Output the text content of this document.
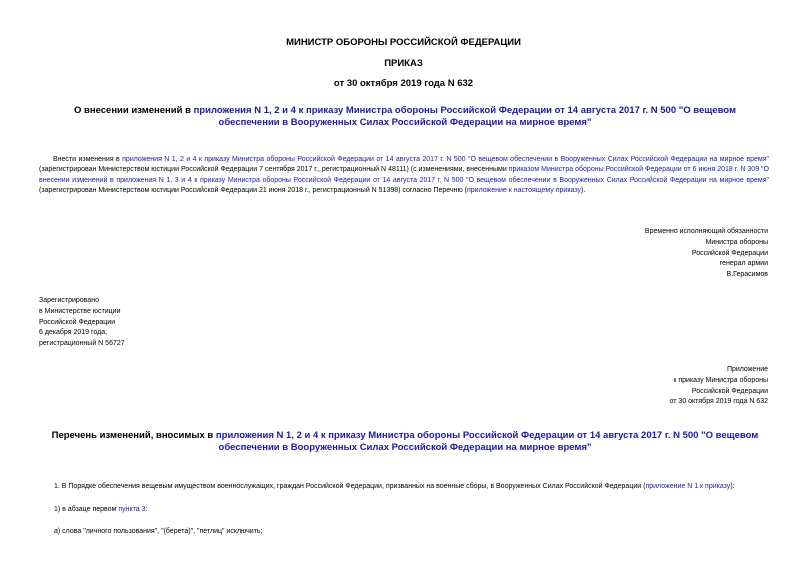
МИНИСТР ОБОРОНЫ РОССИЙСКОЙ ФЕДЕРАЦИИ
ПРИКАЗ
от 30 октября 2019 года N 632
О внесении изменений в приложения N 1, 2 и 4 к приказу Министра обороны Российской Федерации от 14 августа 2017 г. N 500 "О вещевом обеспечении в Вооруженных Силах Российской Федерации на мирное время"
Внести изменения в приложения N 1, 2 и 4 к приказу Министра обороны Российской Федерации от 14 августа 2017 г. N 500 "О вещевом обеспечении в Вооруженных Силах Российской Федерации на мирное время" (зарегистрирован Министерством юстиции Российской Федерации 7 сентября 2017 г., регистрационный N 48111) (с изменениями, внесенными приказом Министра обороны Российской Федерации от 6 июня 2018 г. N 309 "О внесении изменений в приложения N 1, 3 и 4 к приказу Министра обороны Российской Федерации от 14 августа 2017 г. N 500 "О вещевом обеспечении в Вооруженных Силах Российской Федерации на мирное время" (зарегистрирован Министерством юстиции Российской Федерации 21 июня 2018 г., регистрационный N 51398) согласно Перечню (приложение к настоящему приказу).
Временно исполняющий обязанности
Министра обороны
Российской Федерации
генерал армии
В.Герасимов
Зарегистрировано
в Министерстве юстиции
Российской Федерации
6 декабря 2019 года,
регистрационный N 56727
Приложение
к приказу Министра обороны
Российской Федерации
от 30 октября 2019 года N 632
Перечень изменений, вносимых в приложения N 1, 2 и 4 к приказу Министра обороны Российской Федерации от 14 августа 2017 г. N 500 "О вещевом обеспечении в Вооруженных Силах Российской Федерации на мирное время"
1. В Порядке обеспечения вещевым имуществом военнослужащих, граждан Российской Федерации, призванных на военные сборы, в Вооруженных Силах Российской Федерации (приложение N 1 к приказу):
1) в абзаце первом пункта 3:
а) слова "личного пользования", "(берета)", "петлиц" исключить;
